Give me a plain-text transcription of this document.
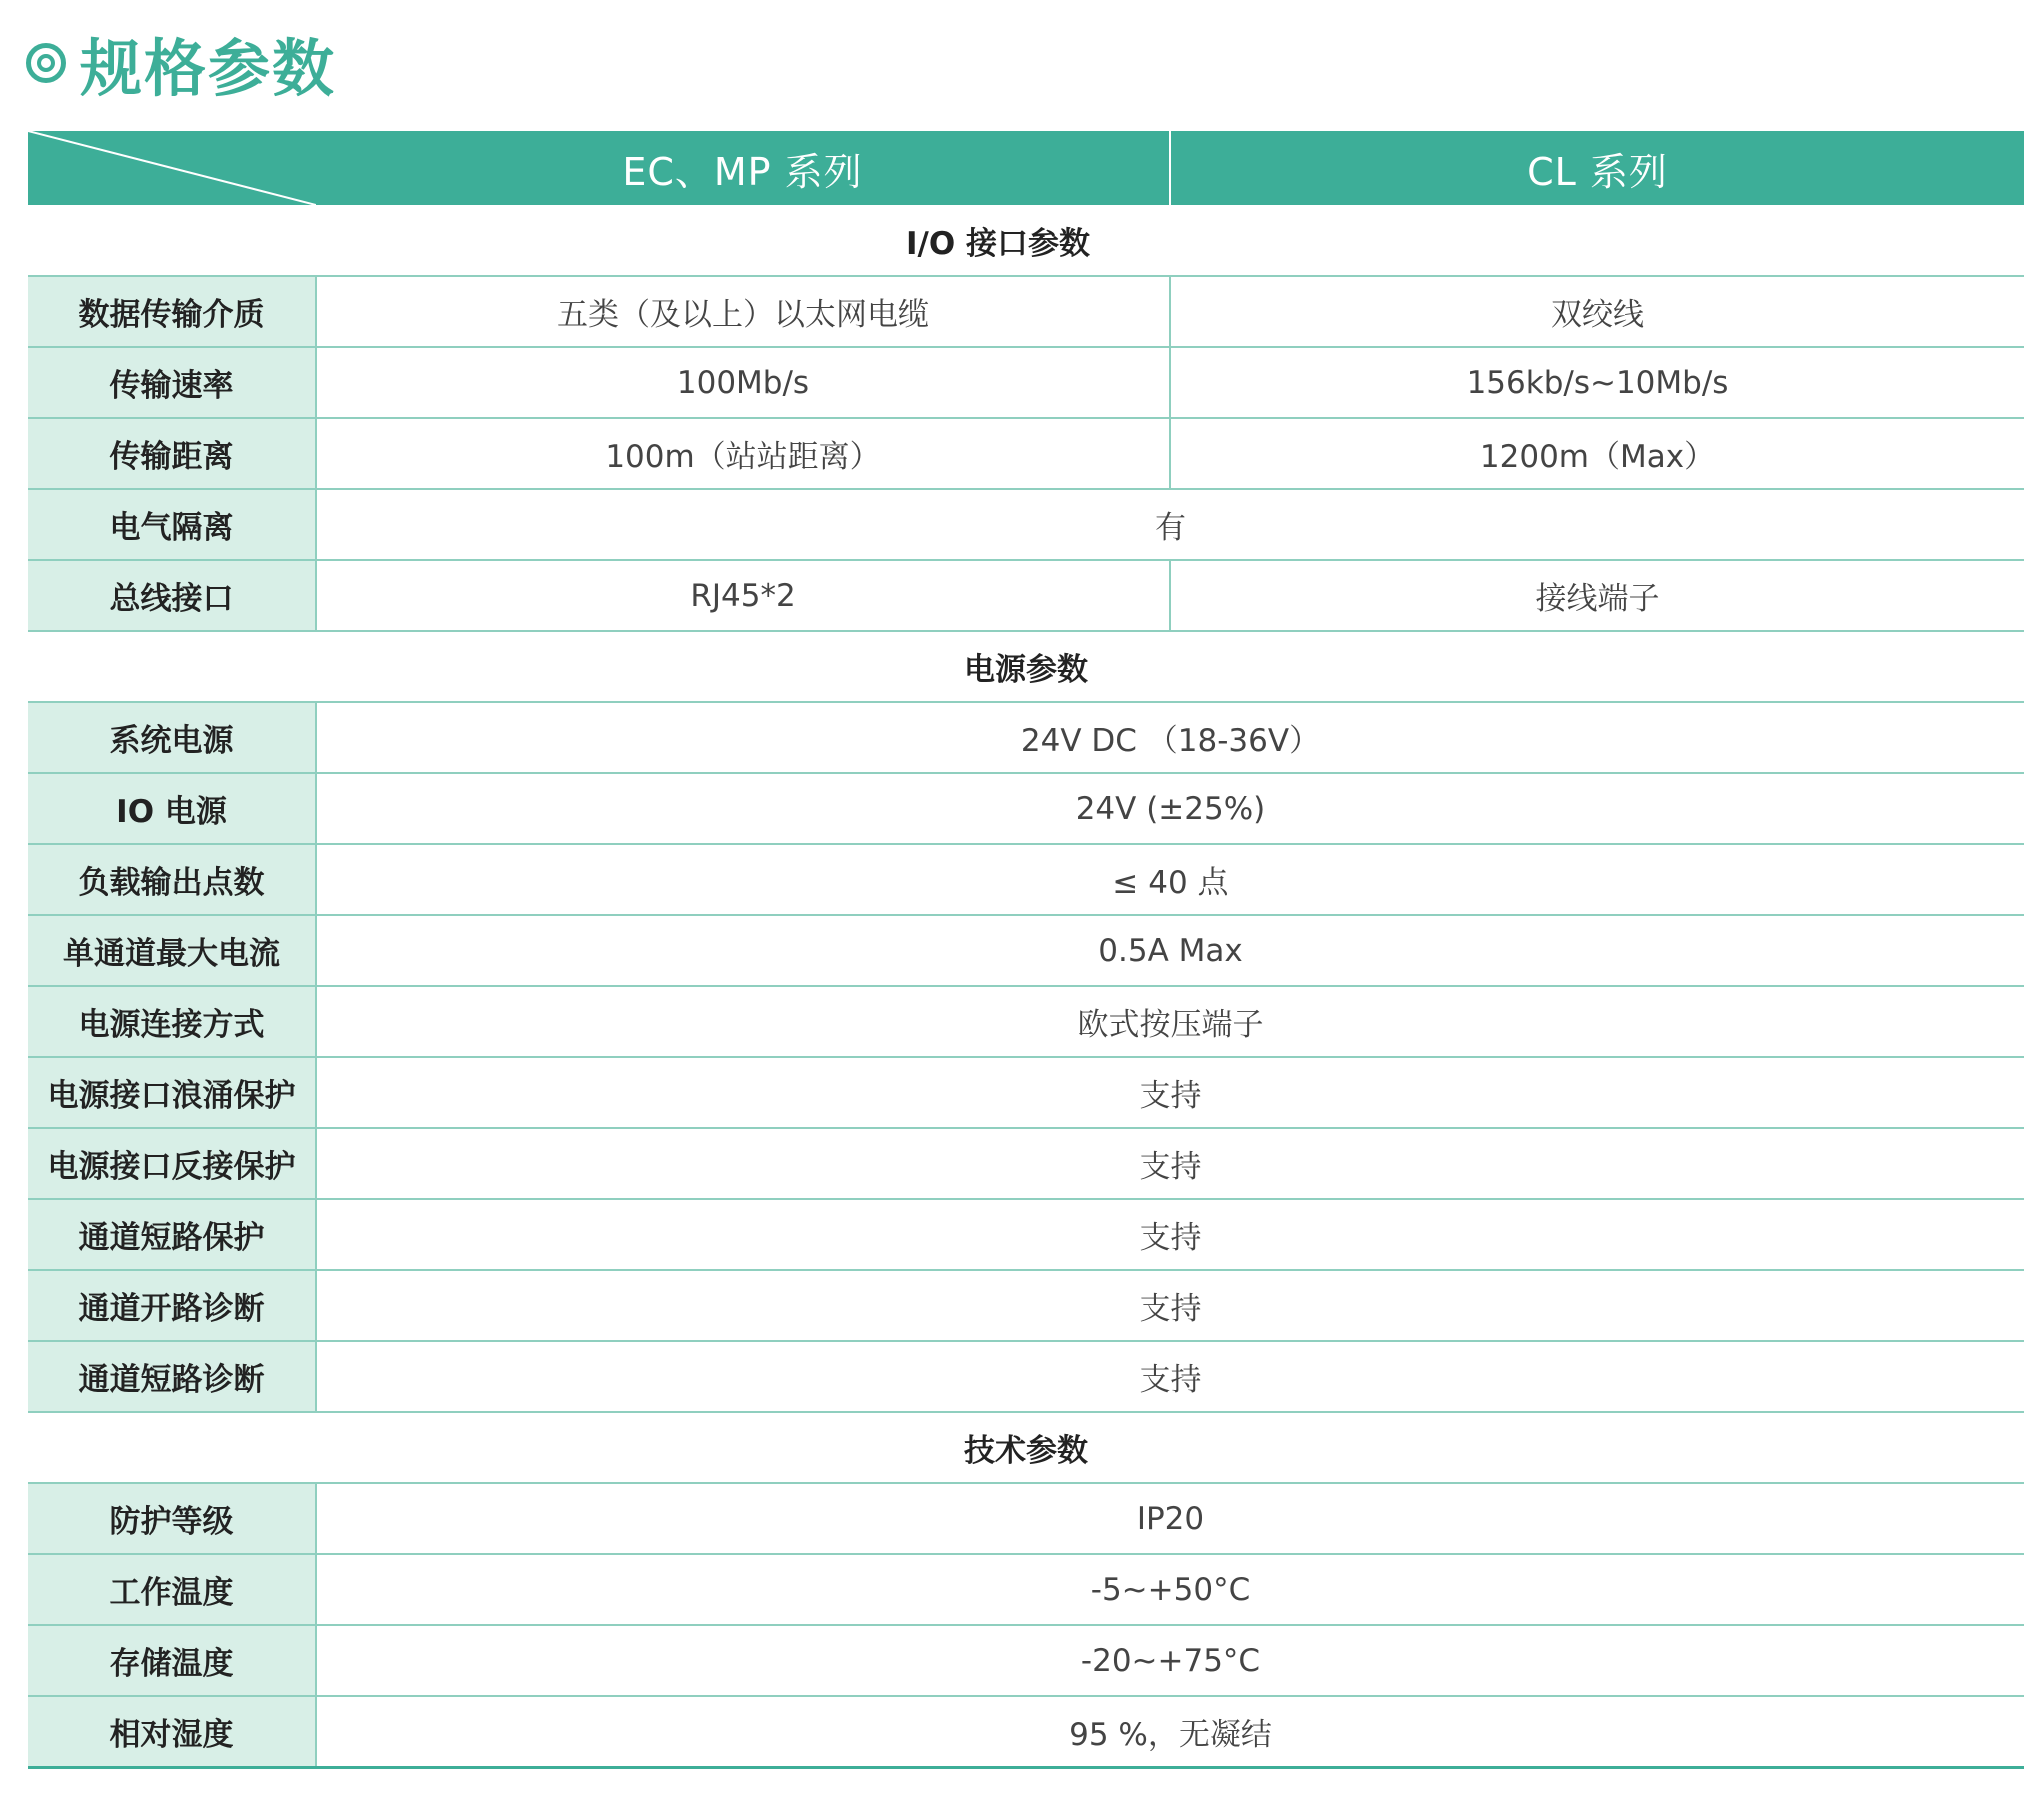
规格参数
	EC、MP 系列	CL 系列
I/O 接口参数		
数据传输介质	五类（及以上）以太网电缆	双绞线
传输速率	100Mb/s	156kb/s~10Mb/s
传输距离	100m（站站距离）	1200m（Max）
电气隔离	有	
总线接口	RJ45*2	接线端子
电源参数		
系统电源	24V DC （18-36V）	
IO 电源	24V (±25%)	
负载输出点数	≤ 40 点	
单通道最大电流	0.5A Max	
电源连接方式	欧式按压端子	
电源接口浪涌保护	支持	
电源接口反接保护	支持	
通道短路保护	支持	
通道开路诊断	支持	
通道短路诊断	支持	
技术参数		
防护等级	IP20	
工作温度	-5~+50°C	
存储温度	-20~+75°C	
相对湿度	95 %，无凝结	
